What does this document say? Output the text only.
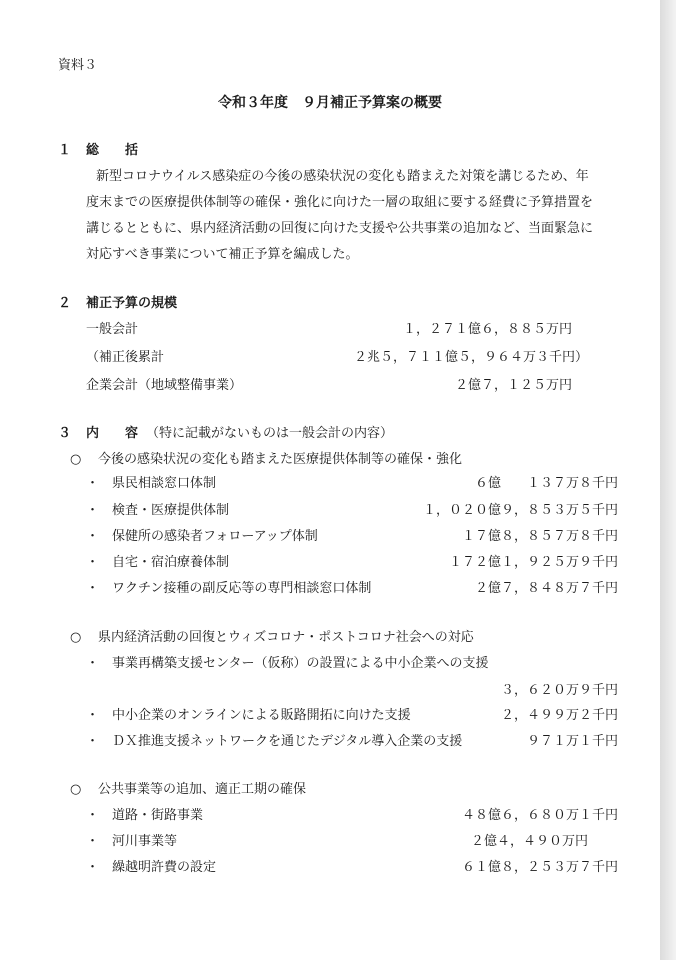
資料３
令和３年度　９月補正予算案の概要
１ 総　　括
新型コロナウイルス感染症の今後の感染状況の変化も踏まえた対策を講じるため、年
度末までの医療提供体制等の確保・強化に向けた一層の取組に要する経費に予算措置を
講じるとともに、県内経済活動の回復に向けた支援や公共事業の追加など、当面緊急に
対応すべき事業について補正予算を編成した。
２ 補正予算の規模
一般会計	１，２７１億６，８８５万円
（補正後累計	２兆５，７１１億５，９６４万３千円）
企業会計（地域整備事業）	２億７，１２５万円
３ 内　　容 （特に記載がないものは一般会計の内容）
○ 今後の感染状況の変化も踏まえた医療提供体制等の確保・強化
・ 県民相談窓口体制	６億　　１３７万８千円
・ 検査・医療提供体制	１，０２０億９，８５３万５千円
・ 保健所の感染者フォローアップ体制	１７億８，８５７万８千円
・ 自宅・宿泊療養体制	１７２億１，９２５万９千円
・ ワクチン接種の副反応等の専門相談窓口体制	２億７，８４８万７千円
○ 県内経済活動の回復とウィズコロナ・ポストコロナ社会への対応
・ 事業再構築支援センター（仮称）の設置による中小企業への支援
３，６２０万９千円
・ 中小企業のオンラインによる販路開拓に向けた支援	２，４９９万２千円
・ ＤＸ推進支援ネットワークを通じたデジタル導入企業の支援	９７１万１千円
○ 公共事業等の追加、適正工期の確保
・ 道路・街路事業	４８億６，６８０万１千円
・ 河川事業等	２億４，４９０万円
・ 繰越明許費の設定	６１億８，２５３万７千円
